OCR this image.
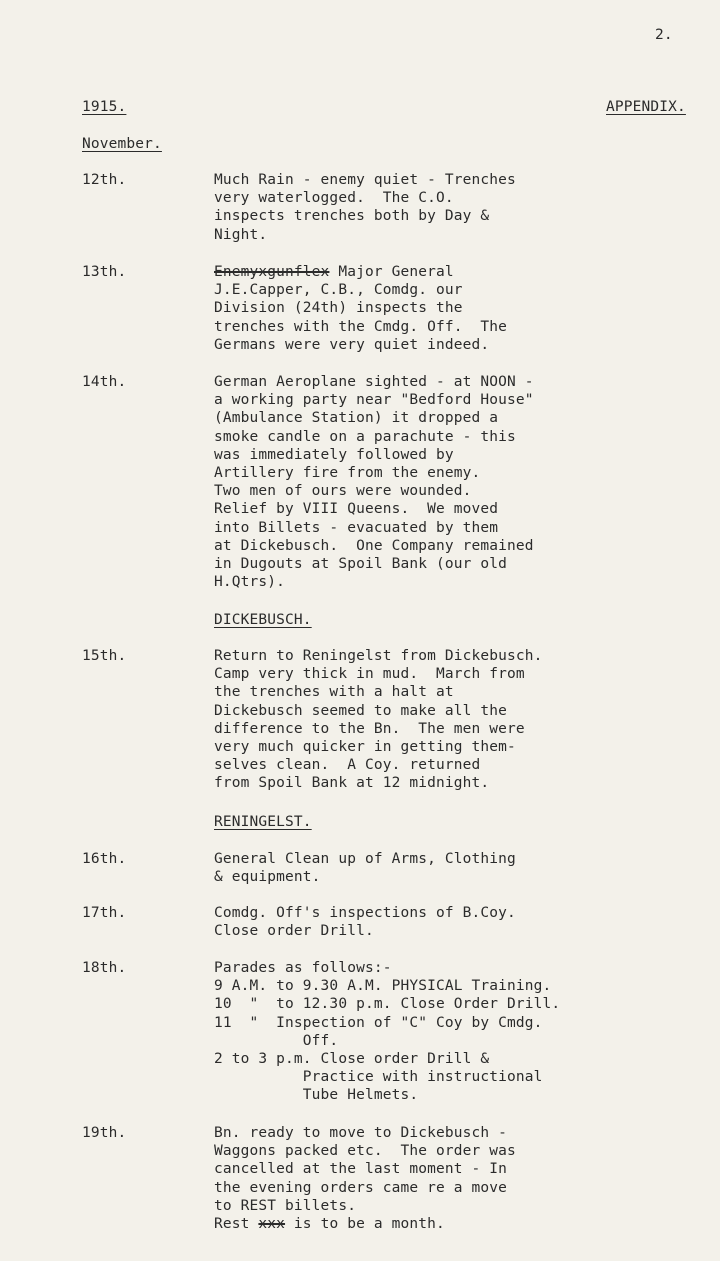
2.
1915.	APPENDIX.
November.
12th.	Much Rain - enemy quiet - Trenches
very waterlogged.  The C.O.
inspects trenches both by Day &
Night.
13th.	Enemyxgunflex Major General
J.E.Capper, C.B., Comdg. our
Division (24th) inspects the
trenches with the Cmdg. Off.  The
Germans were very quiet indeed.
14th.	German Aeroplane sighted - at NOON -
a working party near "Bedford House"
(Ambulance Station) it dropped a
smoke candle on a parachute - this
was immediately followed by
Artillery fire from the enemy.
Two men of ours were wounded.
Relief by VIII Queens.  We moved
into Billets - evacuated by them
at Dickebusch.  One Company remained
in Dugouts at Spoil Bank (our old
H.Qtrs).
DICKEBUSCH.
15th.	Return to Reningelst from Dickebusch.
Camp very thick in mud.  March from
the trenches with a halt at
Dickebusch seemed to make all the
difference to the Bn.  The men were
very much quicker in getting them-
selves clean.  A Coy. returned
from Spoil Bank at 12 midnight.
RENINGELST.
16th.	General Clean up of Arms, Clothing
& equipment.
17th.	Comdg. Off's inspections of B.Coy.
Close order Drill.
18th.	Parades as follows:-
9 A.M. to 9.30 A.M. PHYSICAL Training.
10  "  to 12.30 p.m. Close Order Drill.
11  "  Inspection of "C" Coy by Cmdg.
Off.
2 to 3 p.m. Close order Drill &
Practice with instructional
Tube Helmets.
19th.	Bn. ready to move to Dickebusch -
Waggons packed etc.  The order was
cancelled at the last moment - In
the evening orders came re a move
to REST billets.
Rest xxx is to be a month.
